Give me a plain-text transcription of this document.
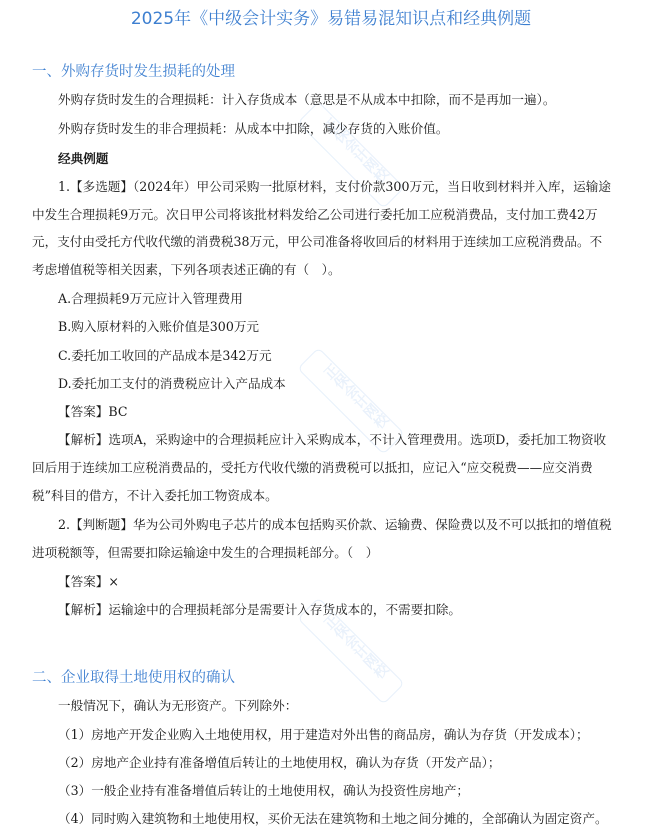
正保会计网校
正保会计网校
正保会计网校
2025年《中级会计实务》易错易混知识点和经典例题
一、外购存货时发生损耗的处理
外购存货时发生的合理损耗：计入存货成本（意思是不从成本中扣除，而不是再加一遍）。
外购存货时发生的非合理损耗：从成本中扣除，减少存货的入账价值。
经典例题
1.【多选题】（2024年）甲公司采购一批原材料，支付价款300万元，当日收到材料并入库，运输途
中发生合理损耗9万元。次日甲公司将该批材料发给乙公司进行委托加工应税消费品，支付加工费42万
元，支付由受托方代收代缴的消费税38万元，甲公司准备将收回后的材料用于连续加工应税消费品。不
考虑增值税等相关因素，下列各项表述正确的有（　）。
A.合理损耗9万元应计入管理费用
B.购入原材料的入账价值是300万元
C.委托加工收回的产品成本是342万元
D.委托加工支付的消费税应计入产品成本
【答案】BC
【解析】选项A，采购途中的合理损耗应计入采购成本，不计入管理费用。选项D，委托加工物资收
回后用于连续加工应税消费品的，受托方代收代缴的消费税可以抵扣，应记入“应交税费——应交消费
税”科目的借方，不计入委托加工物资成本。
2.【判断题】华为公司外购电子芯片的成本包括购买价款、运输费、保险费以及不可以抵扣的增值税
进项税额等，但需要扣除运输途中发生的合理损耗部分。（　）
【答案】×
【解析】运输途中的合理损耗部分是需要计入存货成本的，不需要扣除。
二、企业取得土地使用权的确认
一般情况下，确认为无形资产。下列除外：
（1）房地产开发企业购入土地使用权，用于建造对外出售的商品房，确认为存货（开发成本）；
（2）房地产企业持有准备增值后转让的土地使用权，确认为存货（开发产品）；
（3）一般企业持有准备增值后转让的土地使用权，确认为投资性房地产；
（4）同时购入建筑物和土地使用权，买价无法在建筑物和土地之间分摊的，全部确认为固定资产。
